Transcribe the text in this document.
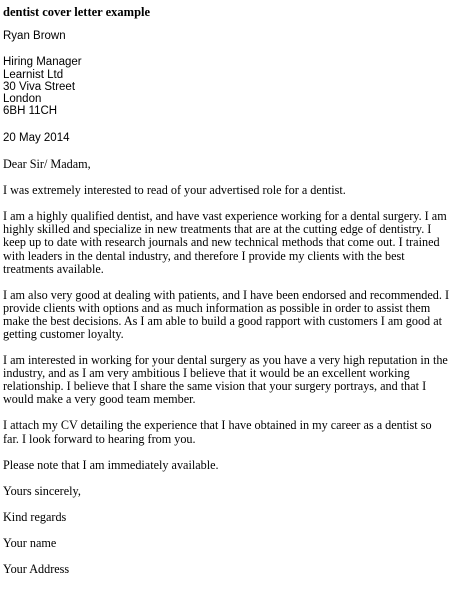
dentist cover letter example
Ryan Brown
Hiring Manager
Learnist Ltd
30 Viva Street
London
6BH 11CH
20 May 2014
Dear Sir/ Madam,
I was extremely interested to read of your advertised role for a dentist.
I am a highly qualified dentist, and have vast experience working for a dental surgery. I am highly skilled and specialize in new treatments that are at the cutting edge of dentistry. I keep up to date with research journals and new technical methods that come out. I trained with leaders in the dental industry, and therefore I provide my clients with the best treatments available.
I am also very good at dealing with patients, and I have been endorsed and recommended. I provide clients with options and as much information as possible in order to assist them make the best decisions. As I am able to build a good rapport with customers I am good at getting customer loyalty.
I am interested in working for your dental surgery as you have a very high reputation in the industry, and as I am very ambitious I believe that it would be an excellent working relationship. I believe that I share the same vision that your surgery portrays, and that I would make a very good team member.
I attach my CV detailing the experience that I have obtained in my career as a dentist so far. I look forward to hearing from you.
Please note that I am immediately available.
Yours sincerely,
Kind regards
Your name
Your Address
